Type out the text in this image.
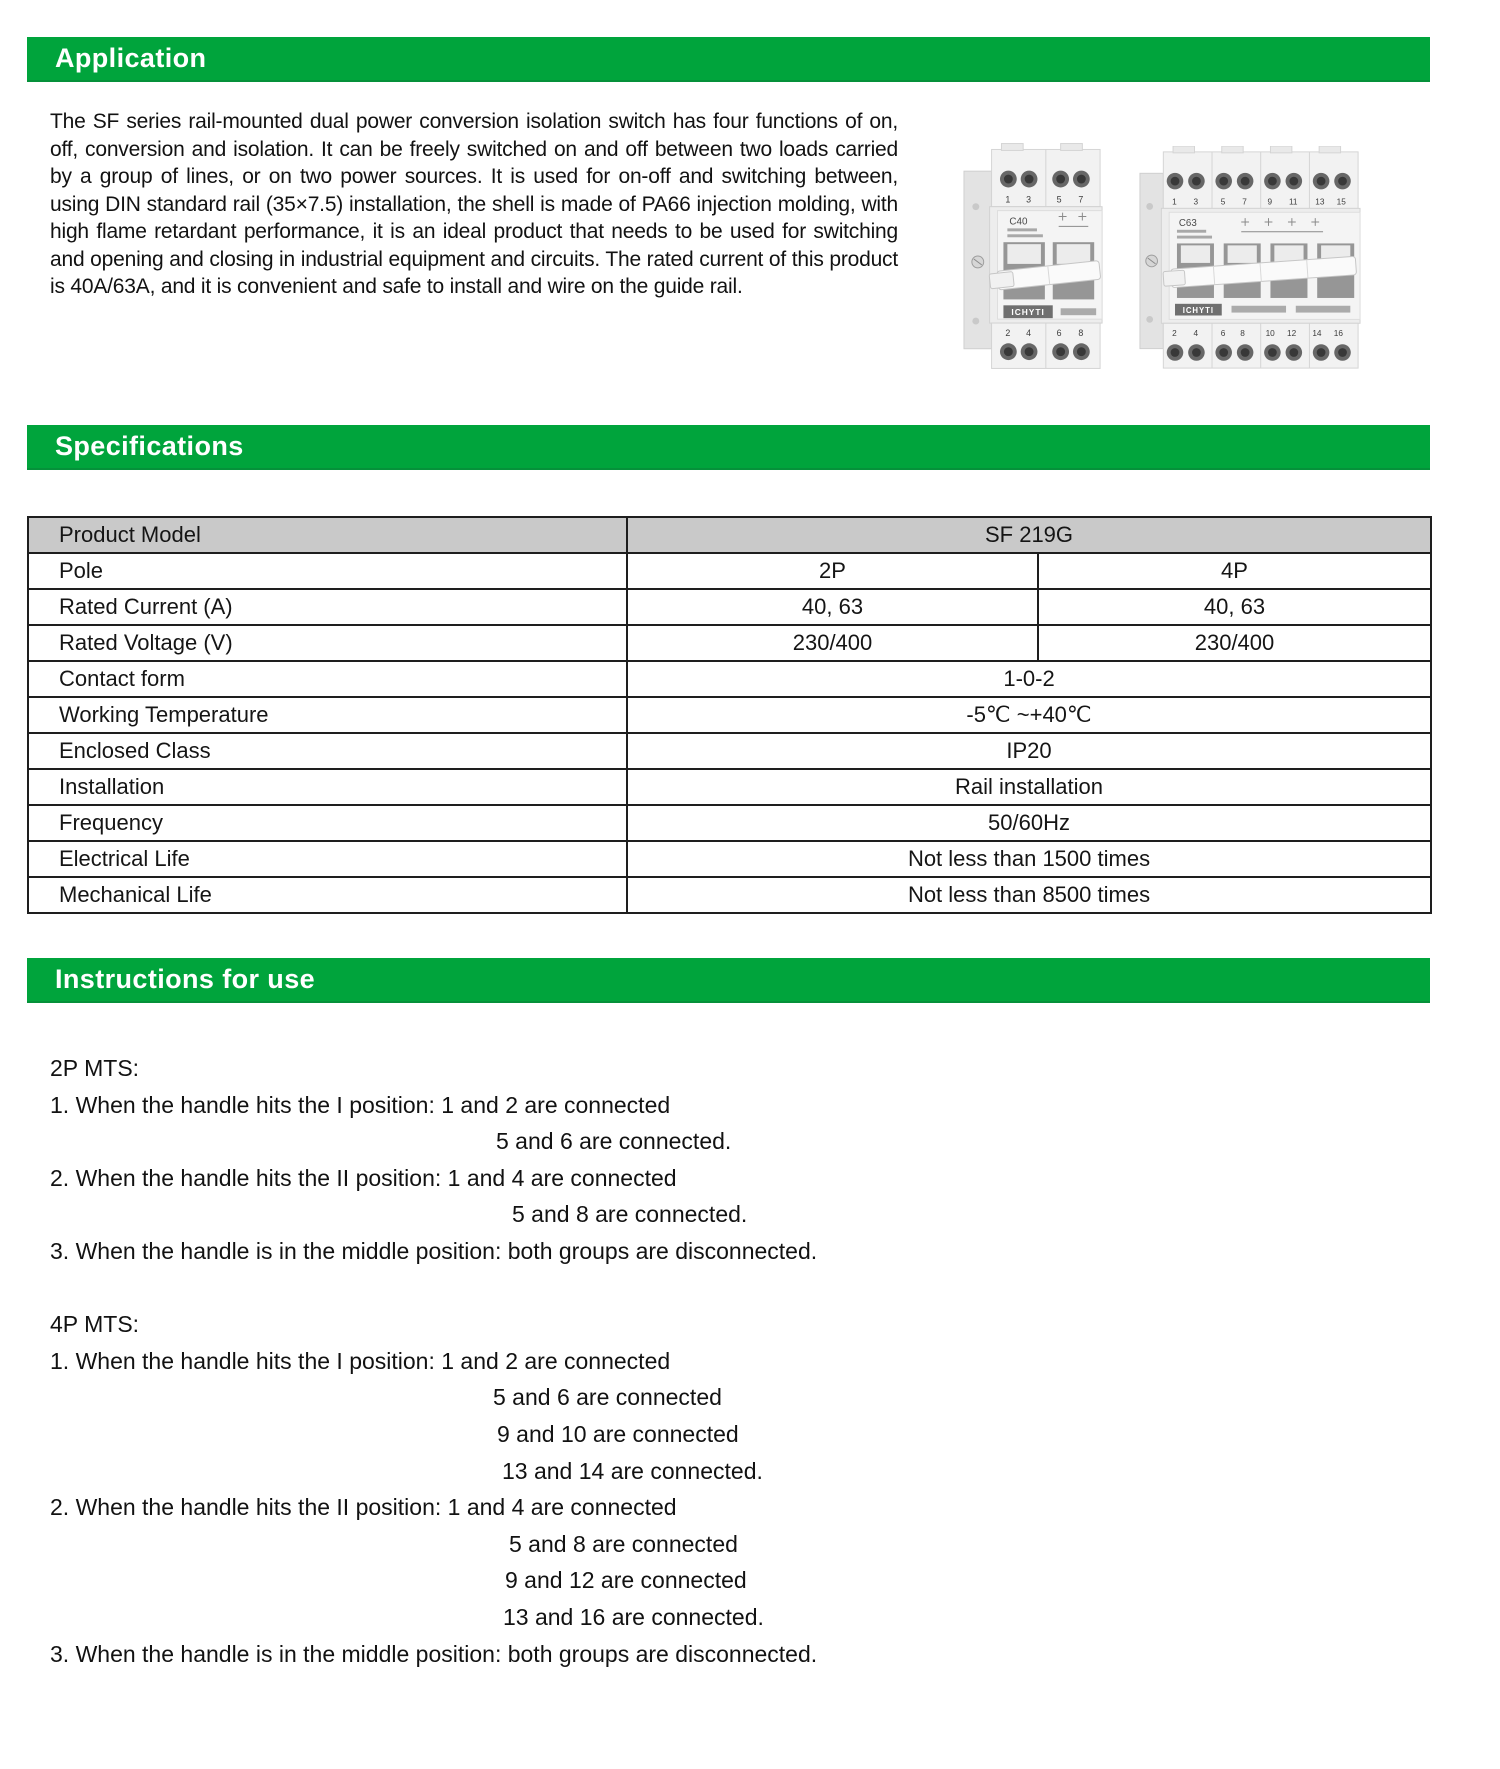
Application
The SF series rail-mounted dual power conversion isolation switch has four functions of on, off, conversion and isolation. It can be freely switched on and off between two loads carried by a group of lines, or on two power sources. It is used for on-off and switching between, using DIN standard rail (35×7.5) installation, the shell is made of PA66 injection molding, with high flame retardant performance, it is an ideal product that needs to be used for switching and opening and closing in industrial equipment and circuits. The rated current of this product is 40A/63A, and it is convenient and safe to install and wire on the guide rail.
1 3	5 7
C40
ICHYTI
2 4	6 8
1 3	5 7 9 11 13 15
C63
ICHYTI
2 4	6 8 10 12 14 16
Specifications
Product Model	SF 219G	
Pole	2P	4P
Rated Current (A)	40, 63	40, 63
Rated Voltage (V)	230/400	230/400
Contact form	1-0-2	
Working Temperature	-5℃ ~+40℃	
Enclosed Class	IP20	
Installation	Rail installation	
Frequency	50/60Hz	
Electrical Life	Not less than 1500 times	
Mechanical Life	Not less than 8500 times	
Instructions for use
2P MTS:
1. When the handle hits the I position: 1 and 2 are connected
5 and 6 are connected.
2. When the handle hits the II position: 1 and 4 are connected
5 and 8 are connected.
3. When the handle is in the middle position: both groups are disconnected.
4P MTS:
1. When the handle hits the I position: 1 and 2 are connected
5 and 6 are connected
9 and 10 are connected
13 and 14 are connected.
2. When the handle hits the II position: 1 and 4 are connected
5 and 8 are connected
9 and 12 are connected
13 and 16 are connected.
3. When the handle is in the middle position: both groups are disconnected.
